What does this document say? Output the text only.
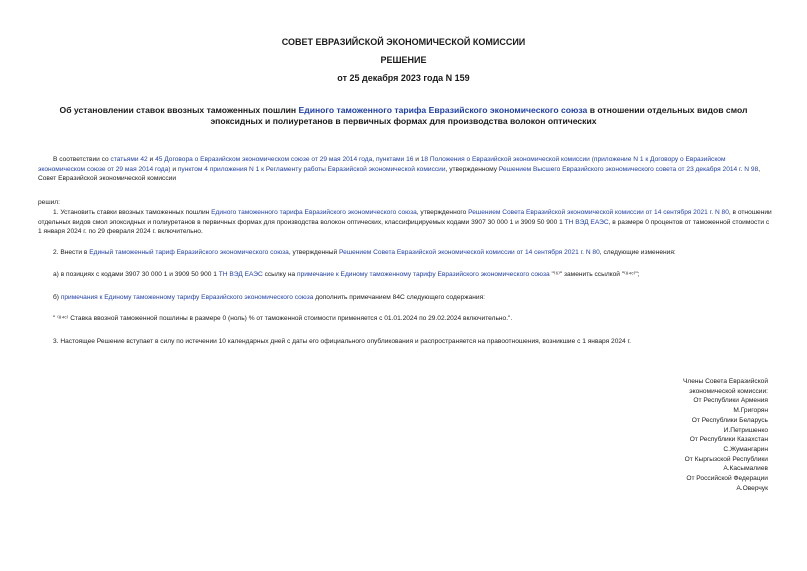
СОВЕТ ЕВРАЗИЙСКОЙ ЭКОНОМИЧЕСКОЙ КОМИССИИ
РЕШЕНИЕ
от 25 декабря 2023 года N 159
Об установлении ставок ввозных таможенных пошлин Единого таможенного тарифа Евразийского экономического союза в отношении отдельных видов смол эпоксидных и полиуретанов в первичных формах для производства волокон оптических
В соответствии со статьями 42 и 45 Договора о Евразийском экономическом союзе от 29 мая 2014 года, пунктами 16 и 18 Положения о Евразийской экономической комиссии (приложение N 1 к Договору о Евразийском экономическом союзе от 29 мая 2014 года) и пунктом 4 приложения N 1 к Регламенту работы Евразийской экономической комиссии, утвержденному Решением Высшего Евразийского экономического совета от 23 декабря 2014 г. N 98, Совет Евразийской экономической комиссии
решил:
1. Установить ставки ввозных таможенных пошлин Единого таможенного тарифа Евразийского экономического союза, утвержденного Решением Совета Евразийской экономической комиссии от 14 сентября 2021 г. N 80, в отношении отдельных видов смол эпоксидных и полиуретанов в первичных формах для производства волокон оптических, классифицируемых кодами 3907 30 000 1 и 3909 50 900 1 ТН ВЭД ЕАЭС, в размере 0 процентов от таможенной стоимости с 1 января 2024 г. по 29 февраля 2024 г. включительно.
2. Внести в Единый таможенный тариф Евразийского экономического союза, утвержденный Решением Совета Евразийской экономической комиссии от 14 сентября 2021 г. N 80, следующие изменения:
а) в позициях с кодами 3907 30 000 1 и 3909 50 900 1 ТН ВЭД ЕАЭС ссылку на примечание к Единому таможенному тарифу Евразийского экономического союза "⁽⁶⁾" заменить ссылкой "⁽⁸⁴ᶜ⁾";
б) примечания к Единому таможенному тарифу Евразийского экономического союза дополнить примечанием 84С следующего содержания:
" ⁽⁸⁴ᶜ⁾ Ставка ввозной таможенной пошлины в размере 0 (ноль) % от таможенной стоимости применяется с 01.01.2024 по 29.02.2024 включительно.".
3. Настоящее Решение вступает в силу по истечении 10 календарных дней с даты его официального опубликования и распространяется на правоотношения, возникшие с 1 января 2024 г.
Члены Совета Евразийской
экономической комиссии:
От Республики Армения
М.Григорян
От Республики Беларусь
И.Петришенко
От Республики Казахстан
С.Жумангарин
От Кыргызской Республики
А.Касымалиев
От Российской Федерации
А.Оверчук
